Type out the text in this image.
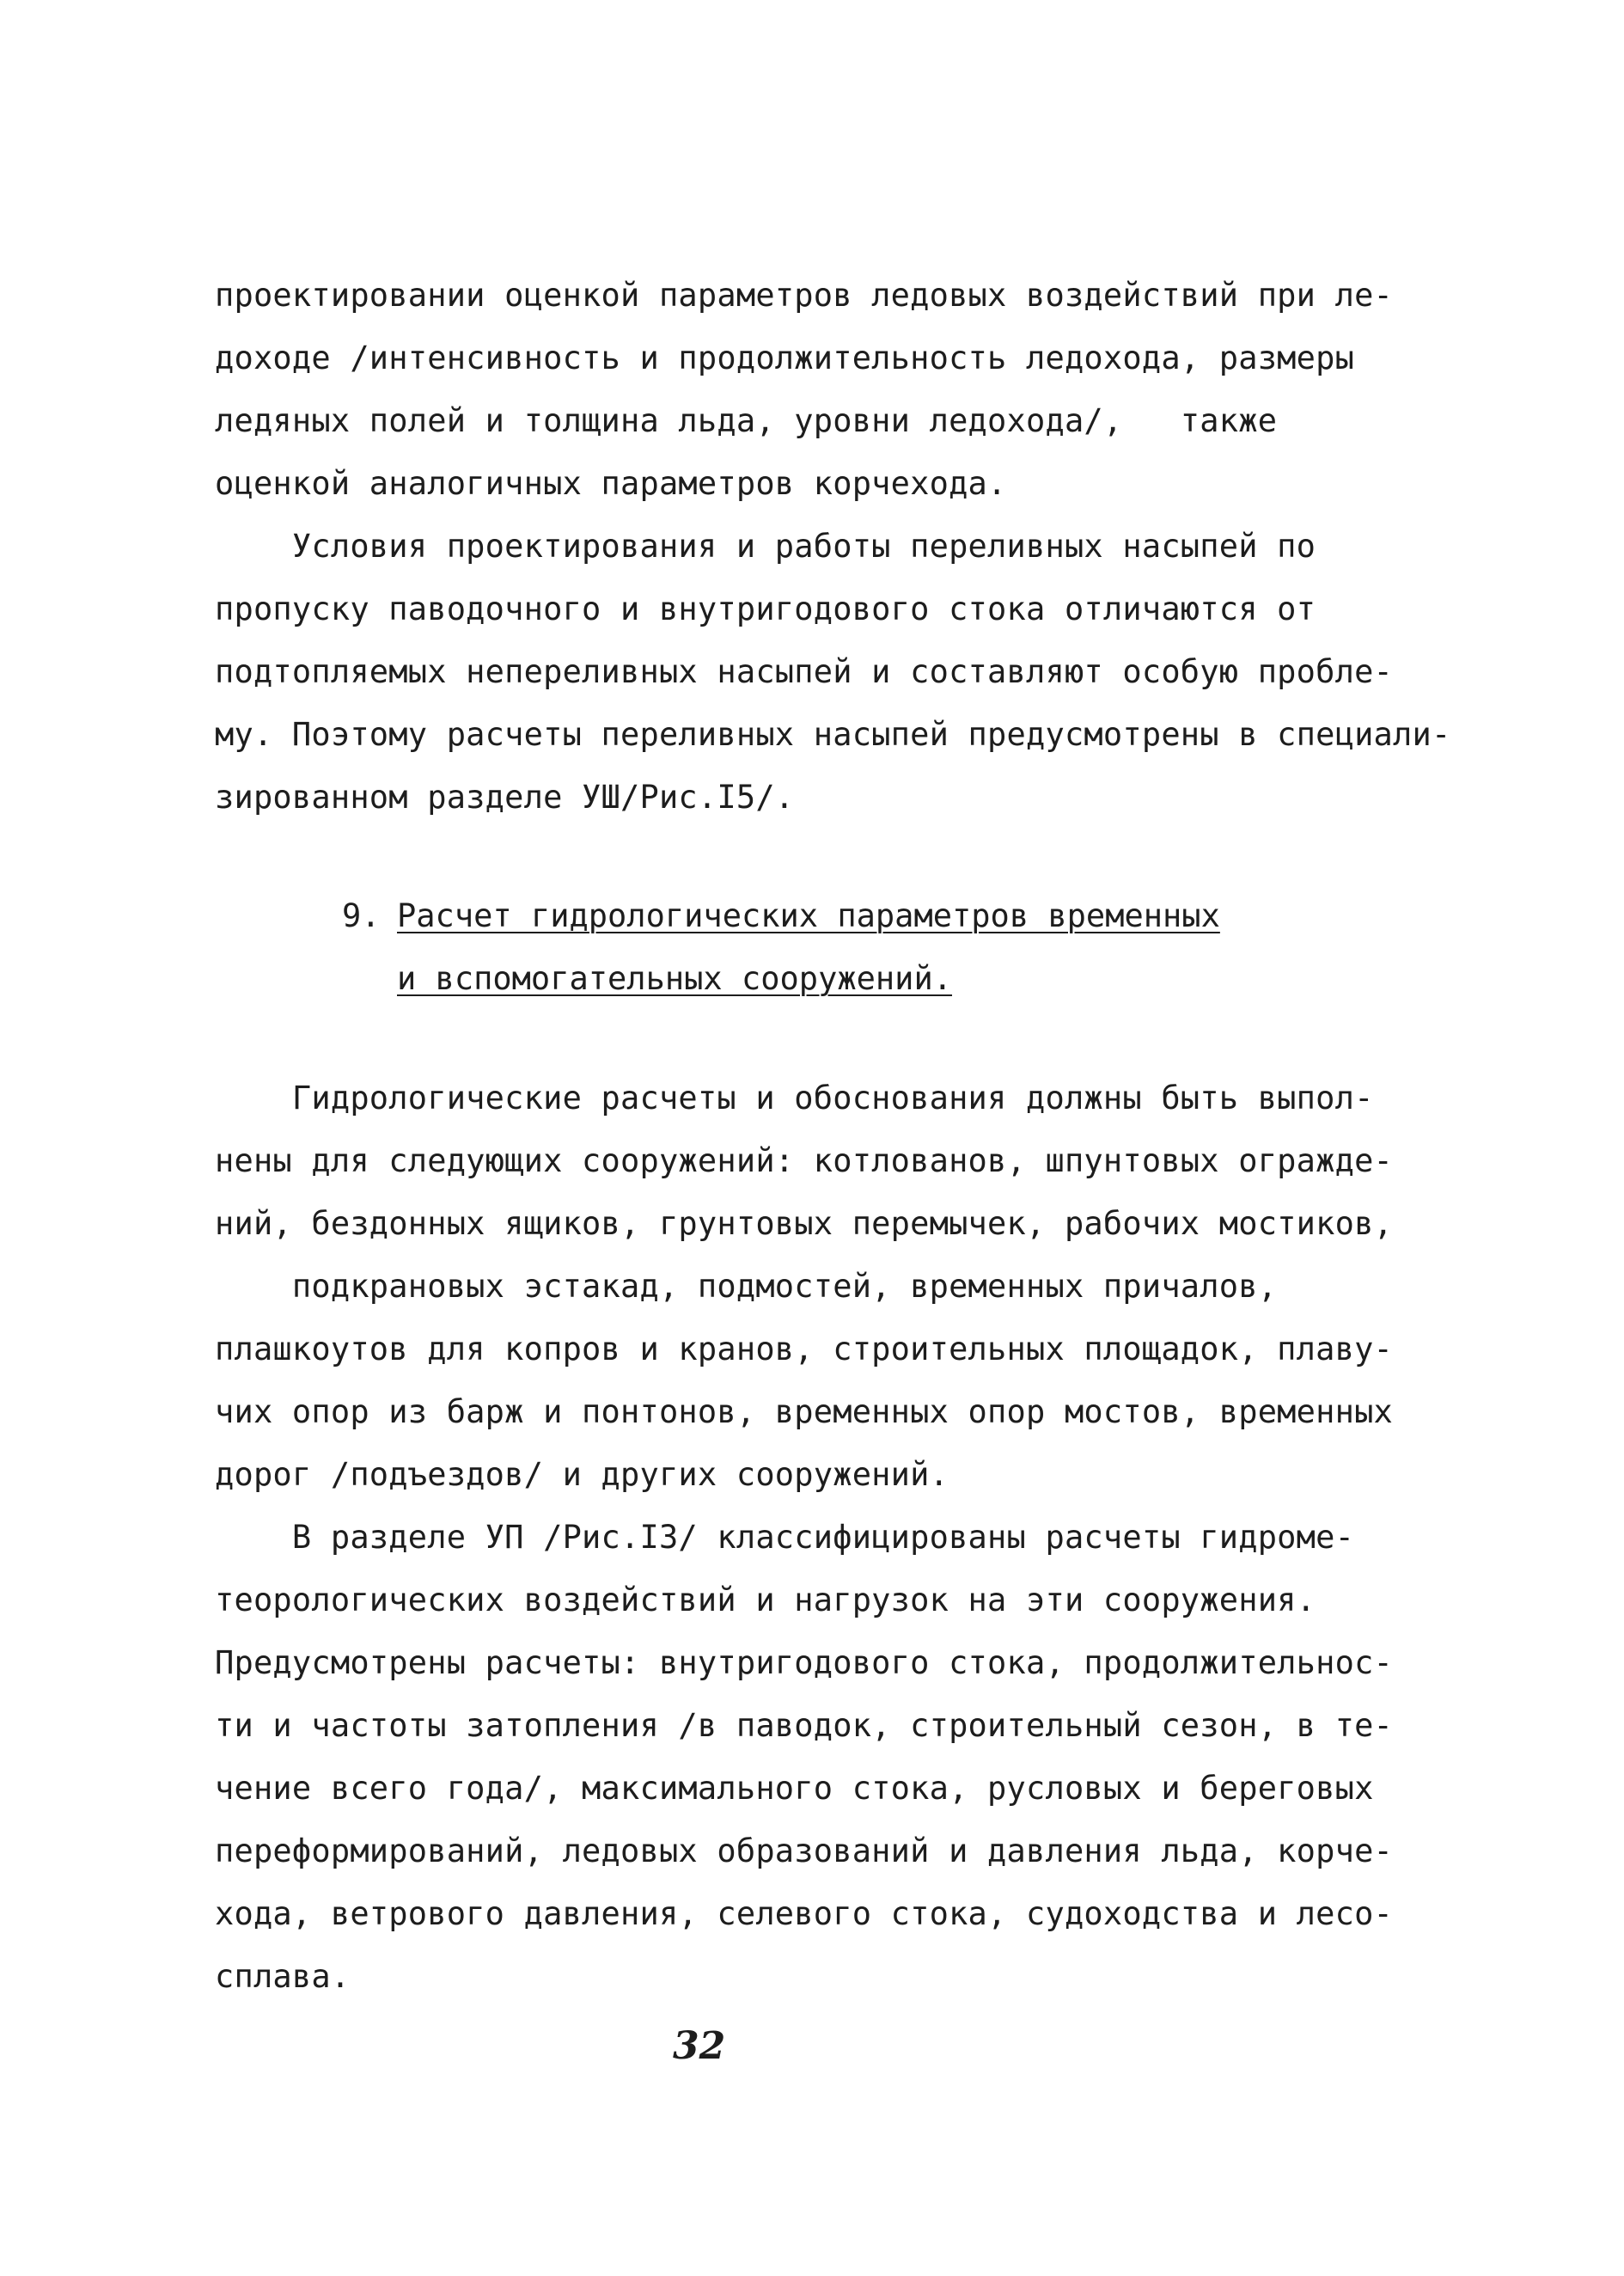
проектировании оценкой параметров ледовых воздействий при ле-
доходе /интенсивность и продолжительность ледохода, размеры
ледяных полей и толщина льда, уровни ледохода/,   также
оценкой аналогичных параметров корчехода.
Условия проектирования и работы переливных насыпей по
пропуску паводочного и внутригодового стока отличаются от
подтопляемых непереливных насыпей и составляют особую пробле-
му. Поэтому расчеты переливных насыпей предусмотрены в специали-
зированном разделе УШ/Рис.I5/.
9. Расчет гидрологических параметров временных
и вспомогательных сооружений.
Гидрологические расчеты и обоснования должны быть выпол-
нены для следующих сооружений: котлованов, шпунтовых огражде-
ний, бездонных ящиков, грунтовых перемычек, рабочих мостиков,
подкрановых эстакад, подмостей, временных причалов,
плашкоутов для копров и кранов, строительных площадок, плаву-
чих опор из барж и понтонов, временных опор мостов, временных
дорог /подъездов/ и других сооружений.
В разделе УП /Рис.I3/ классифицированы расчеты гидроме-
теорологических воздействий и нагрузок на эти сооружения.
Предусмотрены расчеты: внутригодового стока, продолжительнос-
ти и частоты затопления /в паводок, строительный сезон, в те-
чение всего года/, максимального стока, русловых и береговых
переформирований, ледовых образований и давления льда, корче-
хода, ветрового давления, селевого стока, судоходства и лесо-
сплава.
32
